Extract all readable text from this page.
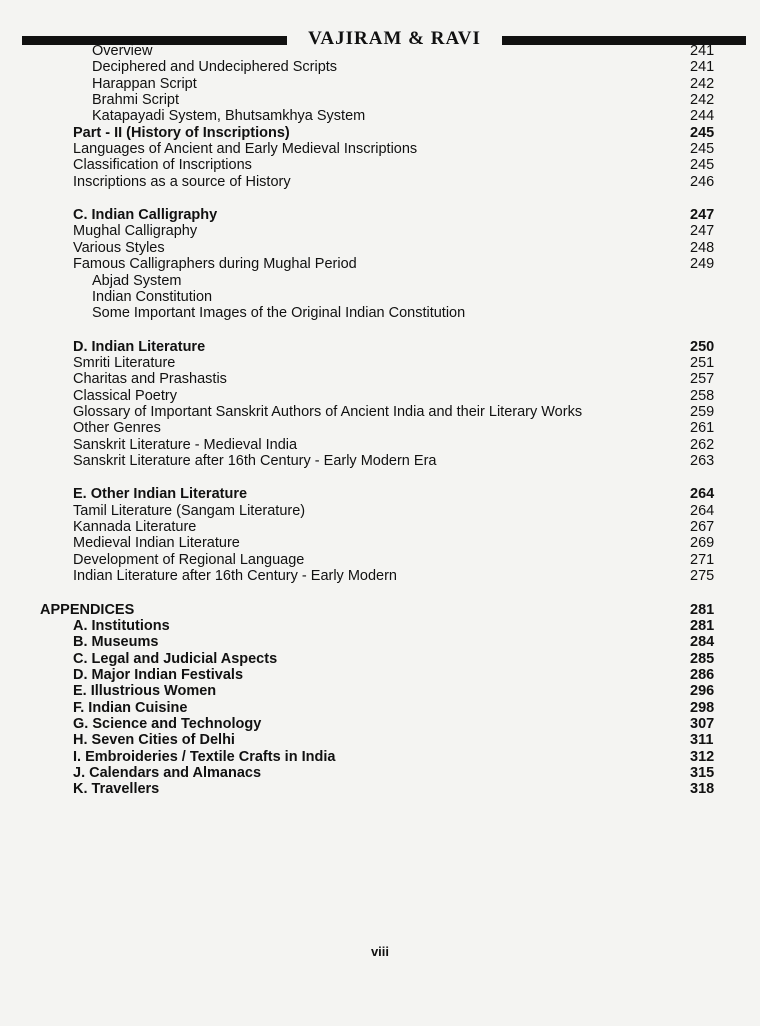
VAJIRAM & RAVI
Overview	241
Deciphered and Undeciphered Scripts	241
Harappan Script	242
Brahmi Script	242
Katapayadi System, Bhutsamkhya System	244
Part - II (History of Inscriptions)	245
Languages of Ancient and Early Medieval Inscriptions	245
Classification of Inscriptions	245
Inscriptions as a source of History	246
C. Indian Calligraphy	247
Mughal Calligraphy	247
Various Styles	248
Famous Calligraphers during Mughal Period	249
Abjad System
Indian Constitution
Some Important Images of the Original Indian Constitution
D. Indian Literature	250
Smriti Literature	251
Charitas and Prashastis	257
Classical Poetry	258
Glossary of Important Sanskrit Authors of Ancient India and their Literary Works	259
Other Genres	261
Sanskrit Literature - Medieval India	262
Sanskrit Literature after 16th Century - Early Modern Era	263
E. Other Indian Literature	264
Tamil Literature (Sangam Literature)	264
Kannada Literature	267
Medieval Indian Literature	269
Development of Regional Language	271
Indian Literature after 16th Century - Early Modern	275
APPENDICES	281
A. Institutions	281
B. Museums	284
C. Legal and Judicial Aspects	285
D. Major Indian Festivals	286
E. Illustrious Women	296
F. Indian Cuisine	298
G. Science and Technology	307
H. Seven Cities of Delhi	311
I. Embroideries / Textile Crafts in India	312
J. Calendars and Almanacs	315
K. Travellers	318
viii
